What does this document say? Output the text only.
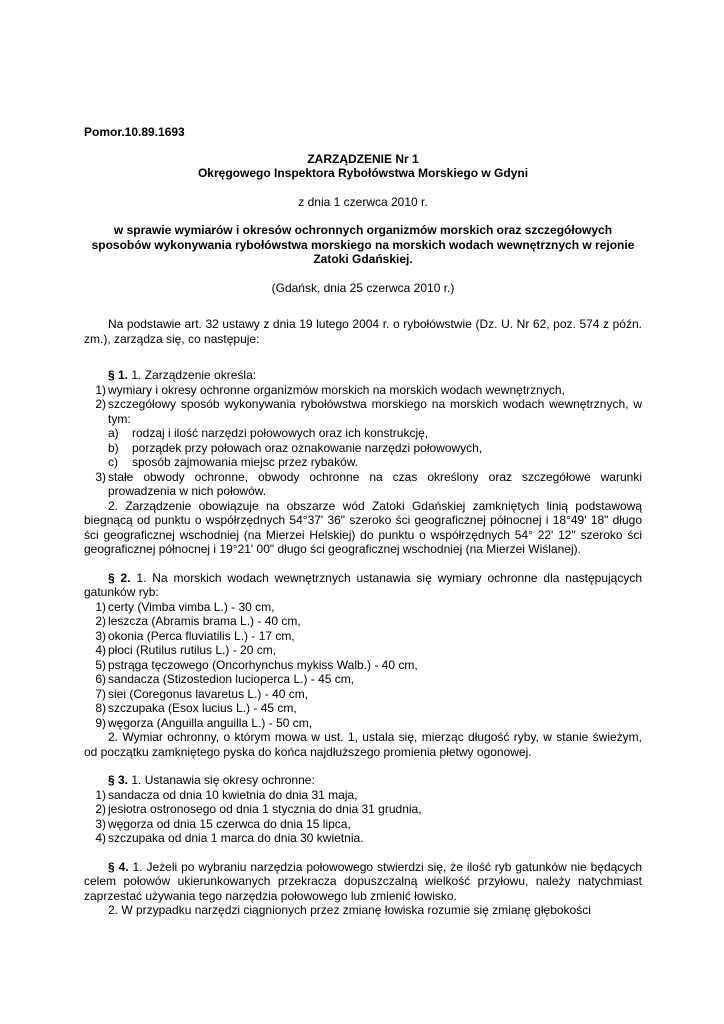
Pomor.10.89.1693

ZARZĄDZENIE Nr 1

Okręgowego Inspektora Rybołówstwa Morskiego w Gdyni

z dnia 1 czerwca 2010 r.

w sprawie wymiarów i okresów ochronnych organizmów morskich oraz szczegółowych sposobów wykonywania rybołówstwa morskiego na morskich wodach wewnętrznych w rejonie Zatoki Gdańskiej.

(Gdańsk, dnia 25 czerwca 2010 r.)

Na podstawie art. 32 ustawy z dnia 19 lutego 2004 r. o rybołówstwie (Dz. U. Nr 62, poz. 574 z późn. zm.), zarządza się, co następuje:

§ 1. 1. Zarządzenie określa:

1) wymiary i okresy ochronne organizmów morskich na morskich wodach wewnętrznych,
2) szczegółowy sposób wykonywania rybołówstwa morskiego na morskich wodach wewnętrznych, w tym:
a)	rodzaj i ilość narzędzi połowowych oraz ich konstrukcję,
b)	porządek przy połowach oraz oznakowanie narzędzi połowowych,
c)	sposób zajmowania miejsc przez rybaków.
3) stałe obwody ochronne, obwody ochronne na czas określony oraz szczegółowe warunki prowadzenia w nich połowów.

2. Zarządzenie obowiązuje na obszarze wód Zatoki Gdańskiej zamkniętych linią podstawową biegnącą od punktu o współrzędnych 54°37' 36" szeroko ści geograficznej północnej i 18°49' 18" długo ści geograficznej wschodniej (na Mierzei Helskiej) do punktu o współrzędnych 54° 22' 12" szeroko ści geograficznej północnej i 19°21' 00" długo ści geograficznej wschodniej (na Mierzei Wiślanej).

§ 2. 1. Na morskich wodach wewnętrznych ustanawia się wymiary ochronne dla następujących gatunków ryb:

1) certy (Vimba vimba L.) - 30 cm,
2) leszcza (Abramis brama L.) - 40 cm,
3) okonia (Perca fluviatilis L.) - 17 cm,
4) płoci (Rutilus rutilus L.) - 20 cm,
5) pstrąga tęczowego (Oncorhynchus mykiss Walb.) - 40 cm,
6) sandacza (Stizostedion lucioperca L.) - 45 cm,
7) siei (Coregonus lavaretus L.) - 40 cm,
8) szczupaka (Esox lucius L.) - 45 cm,
9) węgorza (Anguilla anguilla L.) - 50 cm,

2. Wymiar ochronny, o którym mowa w ust. 1, ustala się, mierząc długość ryby, w stanie świeżym, od początku zamkniętego pyska do końca najdłuższego promienia płetwy ogonowej.

§ 3. 1. Ustanawia się okresy ochronne:

1) sandacza od dnia 10 kwietnia do dnia 31 maja,
2) jesiotra ostronosego od dnia 1 stycznia do dnia 31 grudnia,
3) węgorza od dnia 15 czerwca do dnia 15 lipca,
4) szczupaka od dnia 1 marca do dnia 30 kwietnia.

§ 4. 1. Jeżeli po wybraniu narzędzia połowowego stwierdzi się, że ilość ryb gatunków nie będących celem połowów ukierunkowanych przekracza dopuszczalną wielkość przyłowu, należy natychmiast zaprzestać używania tego narzędzia połowowego lub zmienić łowisko.

2. W przypadku narzędzi ciągnionych przez zmianę łowiska rozumie się zmianę głębokości
